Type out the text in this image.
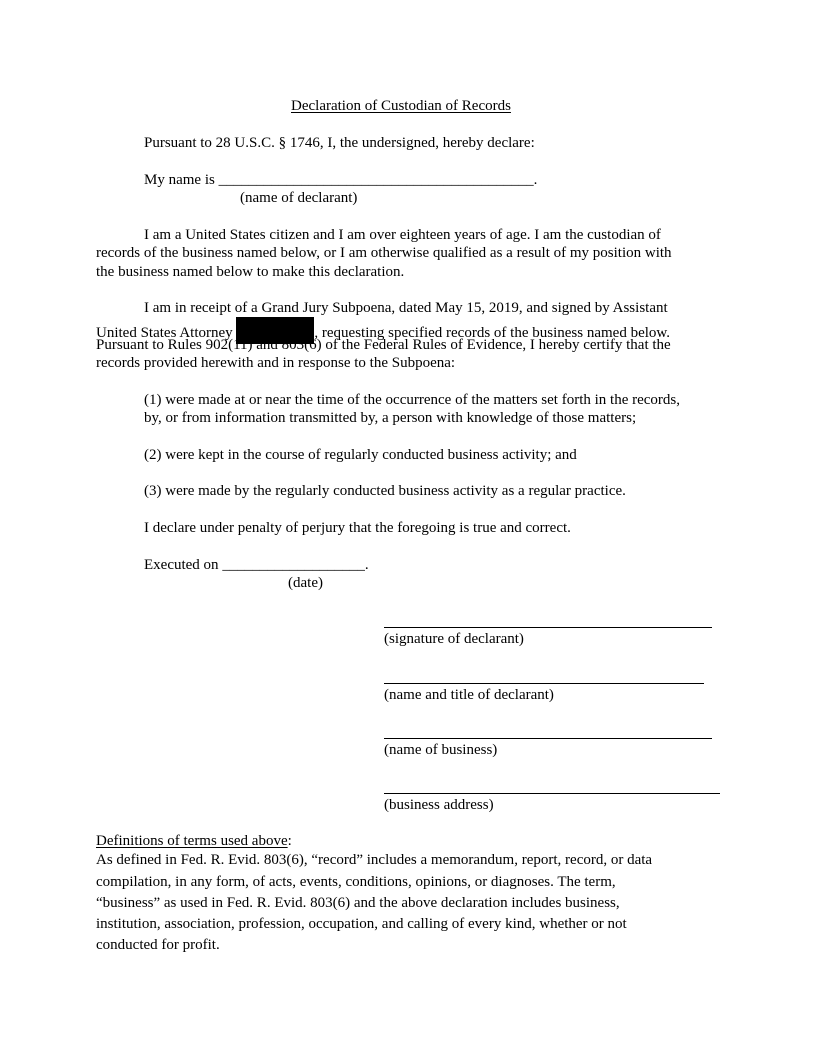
Declaration of Custodian of Records
Pursuant to 28 U.S.C. § 1746, I, the undersigned, hereby declare:
My name is __________________________________________.
(name of declarant)
I am a United States citizen and I am over eighteen years of age. I am the custodian of
records of the business named below, or I am otherwise qualified as a result of my position with
the business named below to make this declaration.
I am in receipt of a Grand Jury Subpoena, dated May 15, 2019, and signed by Assistant
United States Attorney	, requesting specified records of the business named below.
Pursuant to Rules 902(11) and 803(6) of the Federal Rules of Evidence, I hereby certify that the
records provided herewith and in response to the Subpoena:
(1) were made at or near the time of the occurrence of the matters set forth in the records,
by, or from information transmitted by, a person with knowledge of those matters;
(2) were kept in the course of regularly conducted business activity; and
(3) were made by the regularly conducted business activity as a regular practice.
I declare under penalty of perjury that the foregoing is true and correct.
Executed on ___________________.
(date)
(signature of declarant)
(name and title of declarant)
(name of business)
(business address)
Definitions of terms used above:
As defined in Fed. R. Evid. 803(6), “record” includes a memorandum, report, record, or data
compilation, in any form, of acts, events, conditions, opinions, or diagnoses. The term,
“business” as used in Fed. R. Evid. 803(6) and the above declaration includes business,
institution, association, profession, occupation, and calling of every kind, whether or not
conducted for profit.
